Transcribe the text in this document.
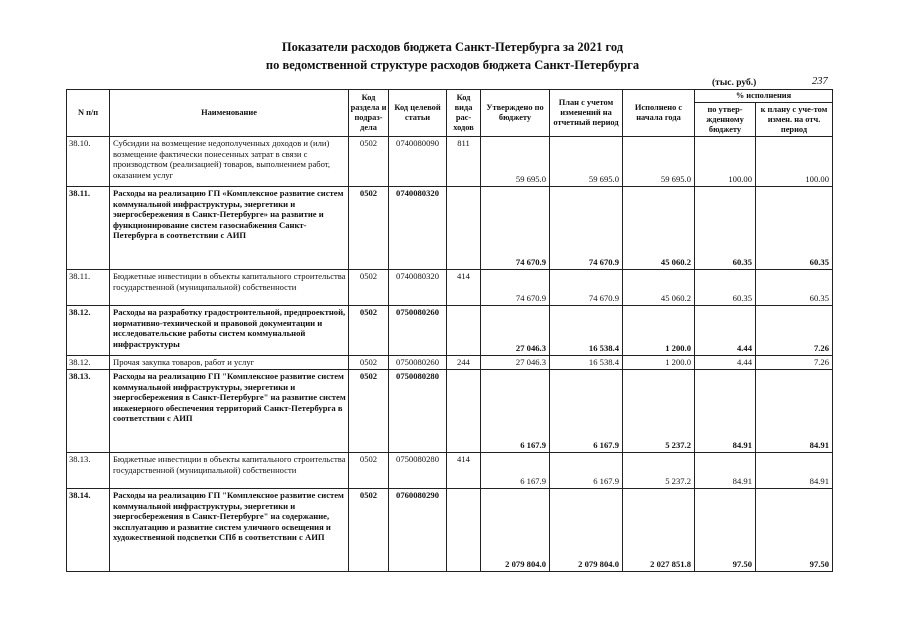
Показатели расходов бюджета Санкт-Петербурга за 2021 год
по ведомственной структуре расходов бюджета Санкт-Петербурга
(тыс. руб.)	237
N п/п	Наименование	Код раздела и подраз-дела	Код целевой статьи	Код вида рас-ходов	Утверждено по бюджету	План с учетом изменений на отчетный период	Исполнено с начала года	% исполнения	
								по утвер-жденному бюджету	к плану с уче-том измен. на отч. период
38.10.	Субсидии на возмещение недополученных доходов и (или) возмещение фактически понесенных затрат в связи с производством (реализацией) товаров, выполнением работ, оказанием услуг	0502	0740080090	811	59 695.0	59 695.0	59 695.0	100.00	100.00
38.11.	Расходы на реализацию ГП «Комплексное развитие систем коммунальной инфраструктуры, энергетики и энергосбережения в Санкт-Петербурге» на развитие и функционирование систем газоснабжения Санкт-Петербурга в соответствии с АИП	0502	0740080320		74 670.9	74 670.9	45 060.2	60.35	60.35
38.11.	Бюджетные инвестиции в объекты капитального строительства государственной (муниципальной) собственности	0502	0740080320	414	74 670.9	74 670.9	45 060.2	60.35	60.35
38.12.	Расходы на разработку градостроительной, предпроектной, нормативно-технической и правовой документации и исследовательские работы систем коммунальной инфраструктуры	0502	0750080260		27 046.3	16 538.4	1 200.0	4.44	7.26
38.12.	Прочая закупка товаров, работ и услуг	0502	0750080260	244	27 046.3	16 538.4	1 200.0	4.44	7.26
38.13.	Расходы на реализацию ГП "Комплексное развитие систем коммунальной инфраструктуры, энергетики и энергосбережения в Санкт-Петербурге" на развитие систем инженерного обеспечения территорий Санкт-Петербурга в соответствии с АИП	0502	0750080280		6 167.9	6 167.9	5 237.2	84.91	84.91
38.13.	Бюджетные инвестиции в объекты капитального строительства государственной (муниципальной) собственности	0502	0750080280	414	6 167.9	6 167.9	5 237.2	84.91	84.91
38.14.	Расходы на реализацию ГП "Комплексное развитие систем коммунальной инфраструктуры, энергетики и энергосбережения в Санкт-Петербурге" на содержание, эксплуатацию и развитие систем уличного освещения и художественной подсветки СПб в соответствии с АИП	0502	0760080290		2 079 804.0	2 079 804.0	2 027 851.8	97.50	97.50
